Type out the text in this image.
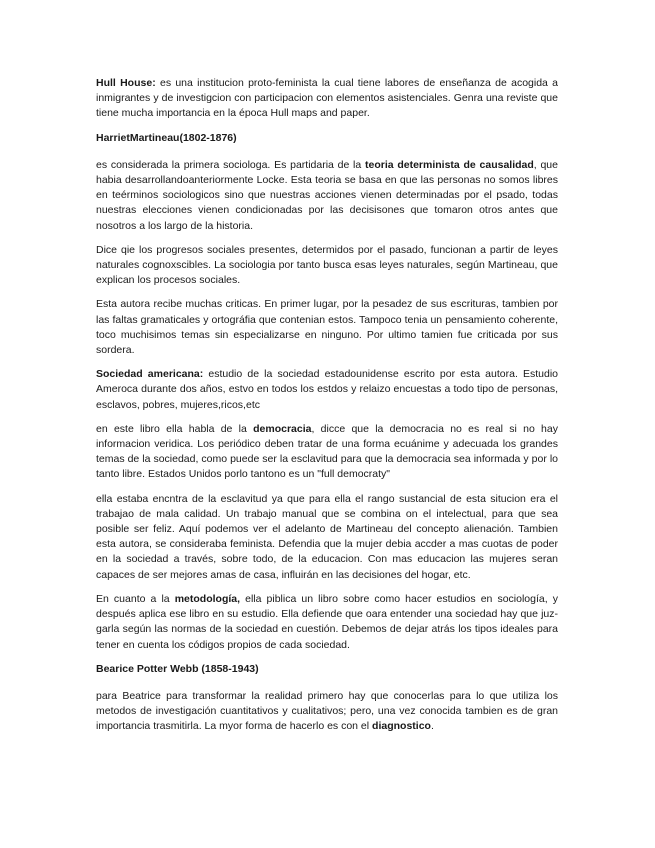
Hull House: es una institucion proto-feminista la cual tiene labores de enseñanza de acogida a inmigrantes y de investigcion con participacion con elementos asistenciales. Genra una reviste que tiene mucha importancia en la época Hull maps and paper.

HarrietMartineau(1802-1876)

es considerada la primera sociologa. Es partidaria de la teoria determinista de causalidad, que habia desarrollandoanteriormente Locke. Esta teoria se basa en que las personas no somos libres en teérminos sociologicos sino que nuestras acciones vienen determinadas por el psado, todas nuestras elecciones vienen condicionadas por las decisisones que tomaron otros antes que nosotros a los largo de la historia.

Dice qie los progresos sociales presentes, determidos por el pasado, funcionan a partir de leyes naturales cognoxscibles. La sociologia por tanto busca esas leyes naturales, según Martineau, que explican los procesos sociales.

Esta autora recibe muchas criticas. En primer lugar, por la pesadez de sus escrituras, tambien por las faltas gramaticales y ortográfia que contenian estos. Tampoco tenia un pensamiento coherente, toco muchisimos temas sin especializarse en ninguno. Por ultimo tamien fue criticada por sus sordera.

Sociedad americana: estudio de la sociedad estadounidense escrito por esta autora. Estudio Ameroca durante dos años, estvo en todos los estdos y relaizo encuestas a todo tipo de personas, esclavos, pobres, mujeres,ricos,etc

en este libro ella habla de la democracia, dicce que la democracia no es real si no hay informacion veridica. Los periódico deben tratar de una forma ecuánime y adecuada los grandes temas de la sociedad, como puede ser la esclavitud para que la democracia sea informada y por lo tanto libre. Estados Unidos porlo tantono es un "full democraty"

ella estaba encntra de la esclavitud ya que para ella el rango sustancial de esta situcion era el trabajao de mala calidad. Un trabajo manual que se combina on el intelectual, para que sea posible ser feliz. Aquí podemos ver el adelanto de Martineau del concepto alienación. Tambien esta autora, se consideraba feminista. Defendia que la mujer debia accder a mas cuotas de poder en la sociedad a través, sobre todo, de la educacion. Con mas educacion las mujeres seran capaces de ser mejores amas de casa, influirán en las decisiones del hogar, etc.

En cuanto a la metodología, ella piblica un libro sobre como hacer estudios en sociología, y después aplica ese libro en su estudio. Ella defiende que oara entender una sociedad hay que juz-garla según las normas de la sociedad en cuestión. Debemos de dejar atrás los tipos ideales para tener en cuenta los códigos propios de cada sociedad.

Bearice Potter Webb (1858-1943)

para Beatrice para transformar la realidad primero hay que conocerlas para lo que utiliza los metodos de investigación cuantitativos y cualitativos; pero, una vez conocida tambien es de gran importancia trasmitirla. La myor forma de hacerlo es con el diagnostico.
